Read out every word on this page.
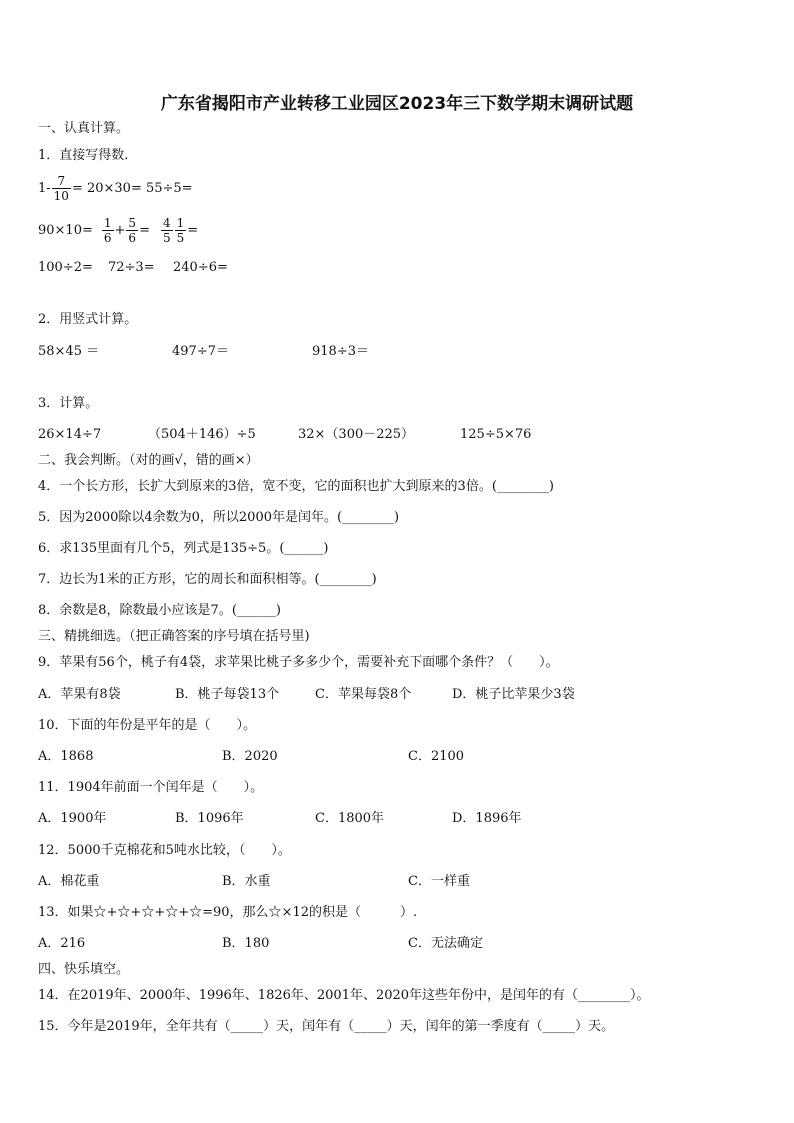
广东省揭阳市产业转移工业园区2023年三下数学期末调研试题
一、认真计算。
1．直接写得数．
$1- \frac{7}{10} = 20\times 30= 55\div 5=$
$90\times 10= \frac{1}{6} + \frac{5}{6} = \frac{4}{5} \frac{1}{5}$ =
100÷2= 72÷3= 240÷6=
2．用竖式计算。
58×45 ＝	497÷7＝	918÷3＝
3．计算。
26×14÷7	（504＋146）÷5	32×（300－225）	125÷5×76
二、我会判断。（对的画√，错的画×）
4．一个长方形，长扩大到原来的3倍，宽不变，它的面积也扩大到原来的3倍。(________)
5．因为2000除以4余数为0，所以2000年是闰年。(________)
6．求135里面有几个5，列式是135÷5。(______)
7．边长为1米的正方形，它的周长和面积相等。(________)
8．余数是8，除数最小应该是7。(______)
三、精挑细选。（把正确答案的序号填在括号里)
9．苹果有56个，桃子有4袋，求苹果比桃子多多少个，需要补充下面哪个条件？（　　）。
A．苹果有8袋	B．桃子每袋13个	C．苹果每袋8个	D．桃子比苹果少3袋
10．下面的年份是平年的是（　　）。
A．1868	B．2020	C．2100
11．1904年前面一个闰年是（　　）。
A．1900年	B．1096年	C．1800年	D．1896年
12．5000千克棉花和5吨水比较，（　　）。
A．棉花重	B．水重	C．一样重
13．如果☆+☆+☆+☆+☆=90，那么☆×12的积是（　　　）.
A．216	B．180	C．无法确定
四、快乐填空。
14．在2019年、2000年、1996年、1826年、2001年、2020年这些年份中，是闰年的有（________）。
15．今年是2019年，全年共有（_____）天，闰年有（_____）天，闰年的第一季度有（_____）天。
